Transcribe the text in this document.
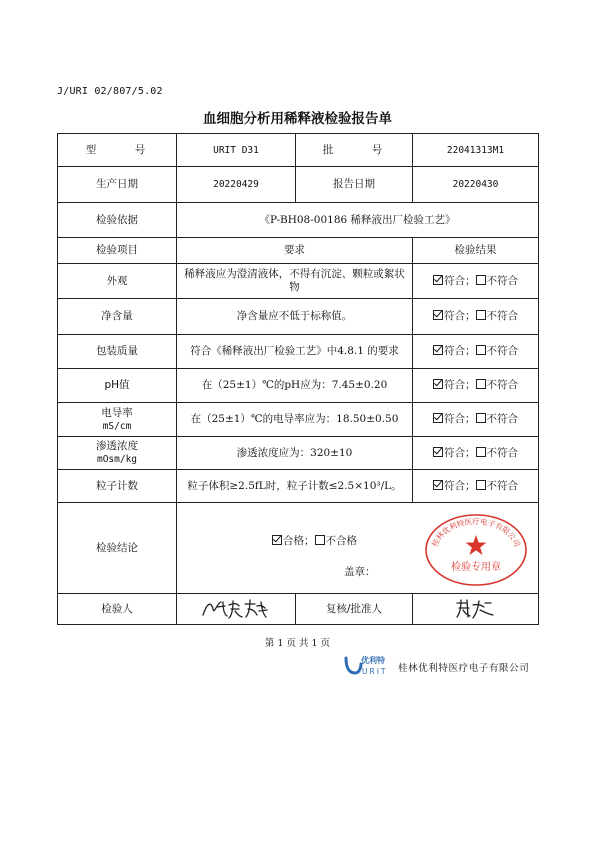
J/URI 02/807/5.02
血细胞分析用稀释液检验报告单
型　号	URIT D31	批　号	22041313M1
生产日期	20220429	报告日期	20220430
检验依据	《P-BH08-00186 稀释液出厂检验工艺》		
检验项目	要求		检验结果
外观	稀释液应为澄清液体，不得有沉淀、颗粒或絮状物		符合； 不符合
净含量	净含量应不低于标称值。		符合； 不符合
包装质量	符合《稀释液出厂检验工艺》中4.8.1 的要求		符合； 不符合
pH值	在（25±1）℃的pH应为：7.45±0.20		符合； 不符合
电导率
mS/cm	在（25±1）℃的电导率应为：18.50±0.50		符合； 不符合
渗透浓度
mOsm/kg	渗透浓度应为：320±10		符合； 不符合
粒子计数	粒子体积≥2.5fL时，粒子计数≤2.5×10³/L。		符合； 不符合
检验结论	合格； 不合格
盖章：
桂林优利特医疗电子有限公司
检验专用章		

检验人		复核/批准人	
第 1 页 共 1 页
优利特
URIT 桂林优利特医疗电子有限公司
